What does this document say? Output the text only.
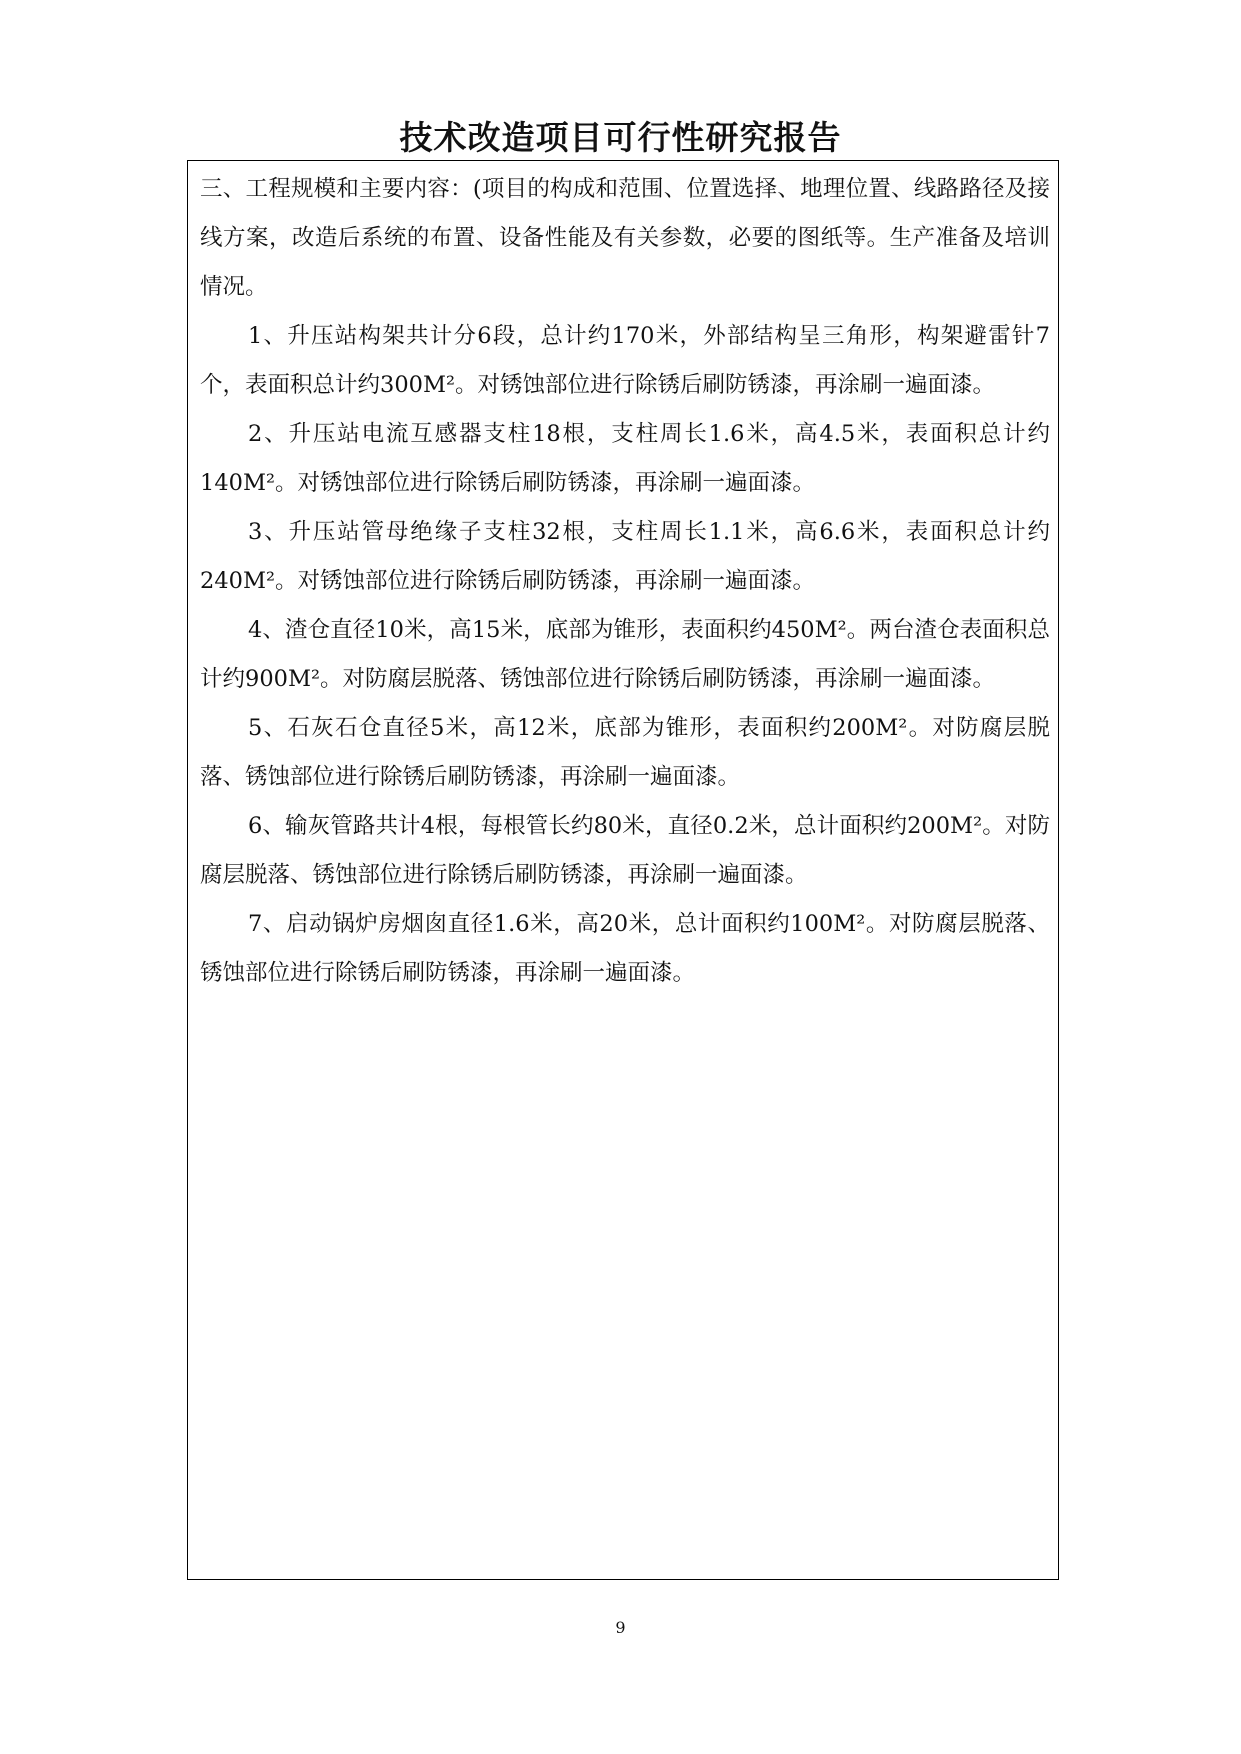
技术改造项目可行性研究报告

三、工程规模和主要内容：(项目的构成和范围、位置选择、地理位置、线路路径及接线方案，改造后系统的布置、设备性能及有关参数，必要的图纸等。生产准备及培训情况。

1、升压站构架共计分6段，总计约170米，外部结构呈三角形，构架避雷针7个，表面积总计约300M²。对锈蚀部位进行除锈后刷防锈漆，再涂刷一遍面漆。

2、升压站电流互感器支柱18根，支柱周长1.6米，高4.5米，表面积总计约140M²。对锈蚀部位进行除锈后刷防锈漆，再涂刷一遍面漆。

3、升压站管母绝缘子支柱32根，支柱周长1.1米，高6.6米，表面积总计约240M²。对锈蚀部位进行除锈后刷防锈漆，再涂刷一遍面漆。

4、渣仓直径10米，高15米，底部为锥形，表面积约450M²。两台渣仓表面积总计约900M²。对防腐层脱落、锈蚀部位进行除锈后刷防锈漆，再涂刷一遍面漆。

5、石灰石仓直径5米，高12米，底部为锥形，表面积约200M²。对防腐层脱落、锈蚀部位进行除锈后刷防锈漆，再涂刷一遍面漆。

6、输灰管路共计4根，每根管长约80米，直径0.2米，总计面积约200M²。对防腐层脱落、锈蚀部位进行除锈后刷防锈漆，再涂刷一遍面漆。

7、启动锅炉房烟囱直径1.6米，高20米，总计面积约100M²。对防腐层脱落、锈蚀部位进行除锈后刷防锈漆，再涂刷一遍面漆。

9
